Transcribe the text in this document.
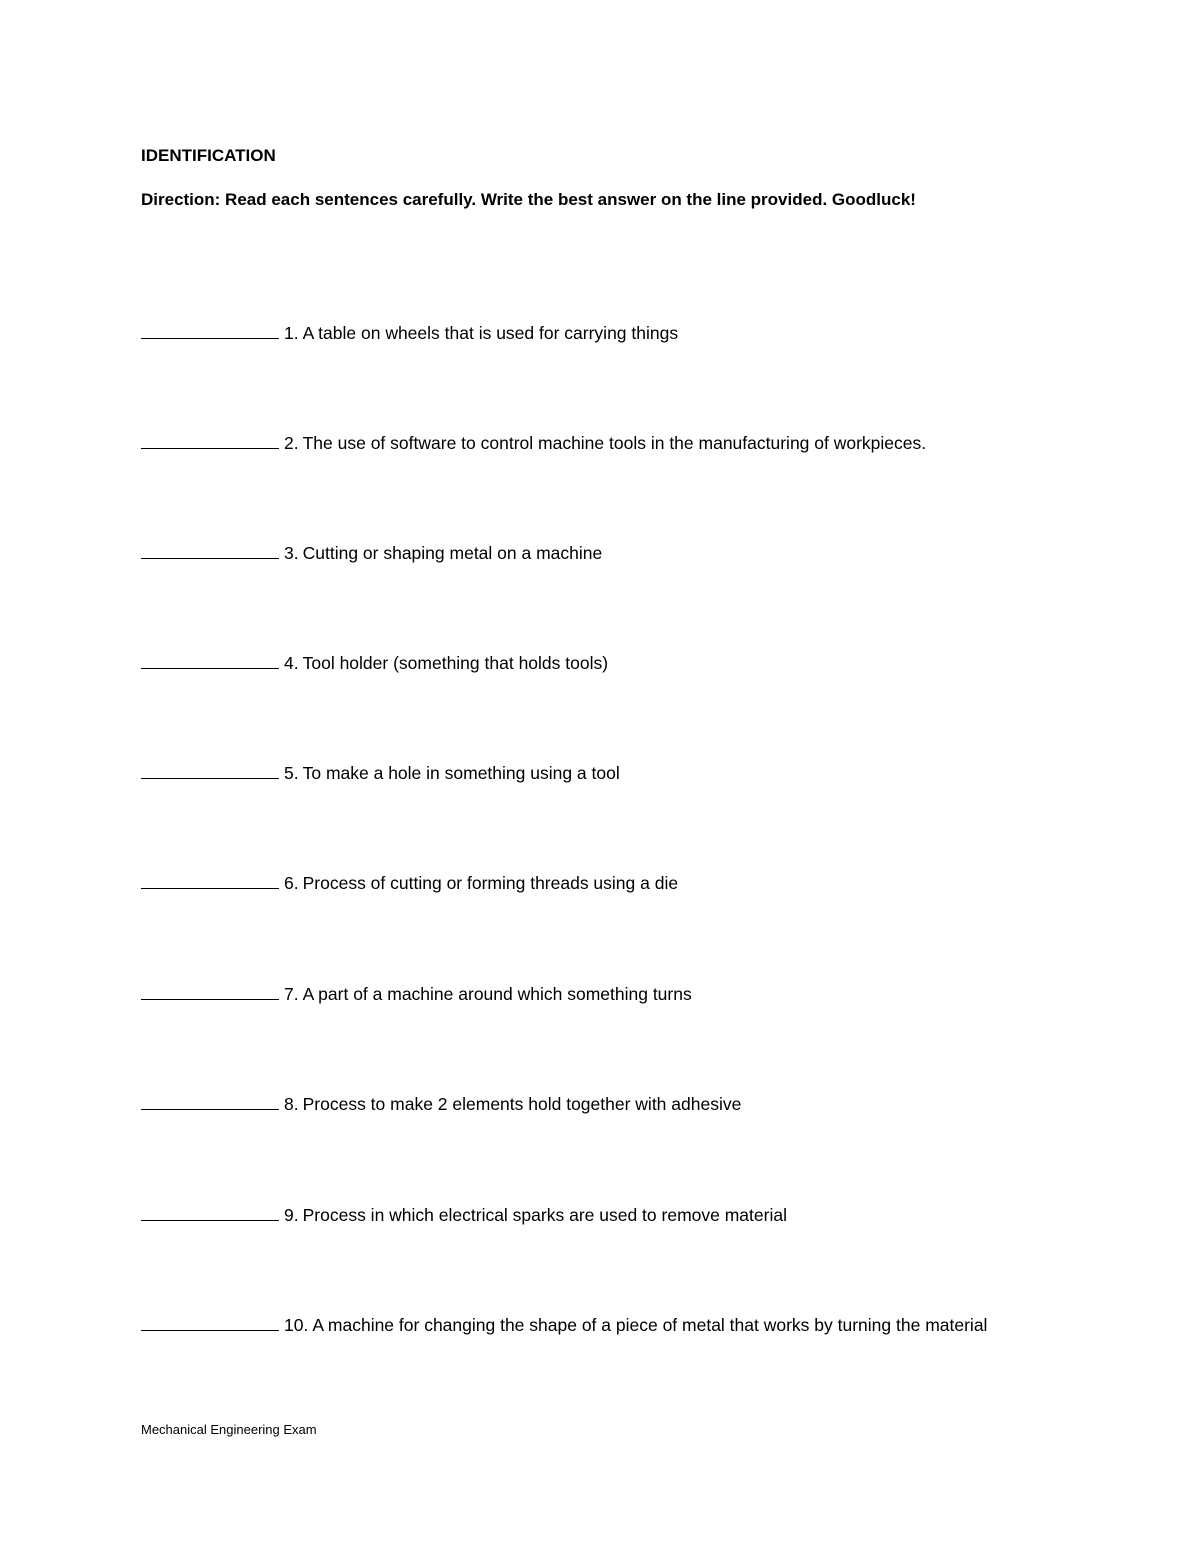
IDENTIFICATION
Direction: Read each sentences carefully. Write the best answer on the line provided. Goodluck!
1. A table on wheels that is used for carrying things
2. The use of software to control machine tools in the manufacturing of workpieces.
3. Cutting or shaping metal on a machine
4. Tool holder (something that holds tools)
5. To make a hole in something using a tool
6. Process of cutting or forming threads using a die
7. A part of a machine around which something turns
8. Process to make 2 elements hold together with adhesive
9. Process in which electrical sparks are used to remove material
10. A machine for changing the shape of a piece of metal that works by turning the material
Mechanical Engineering Exam
